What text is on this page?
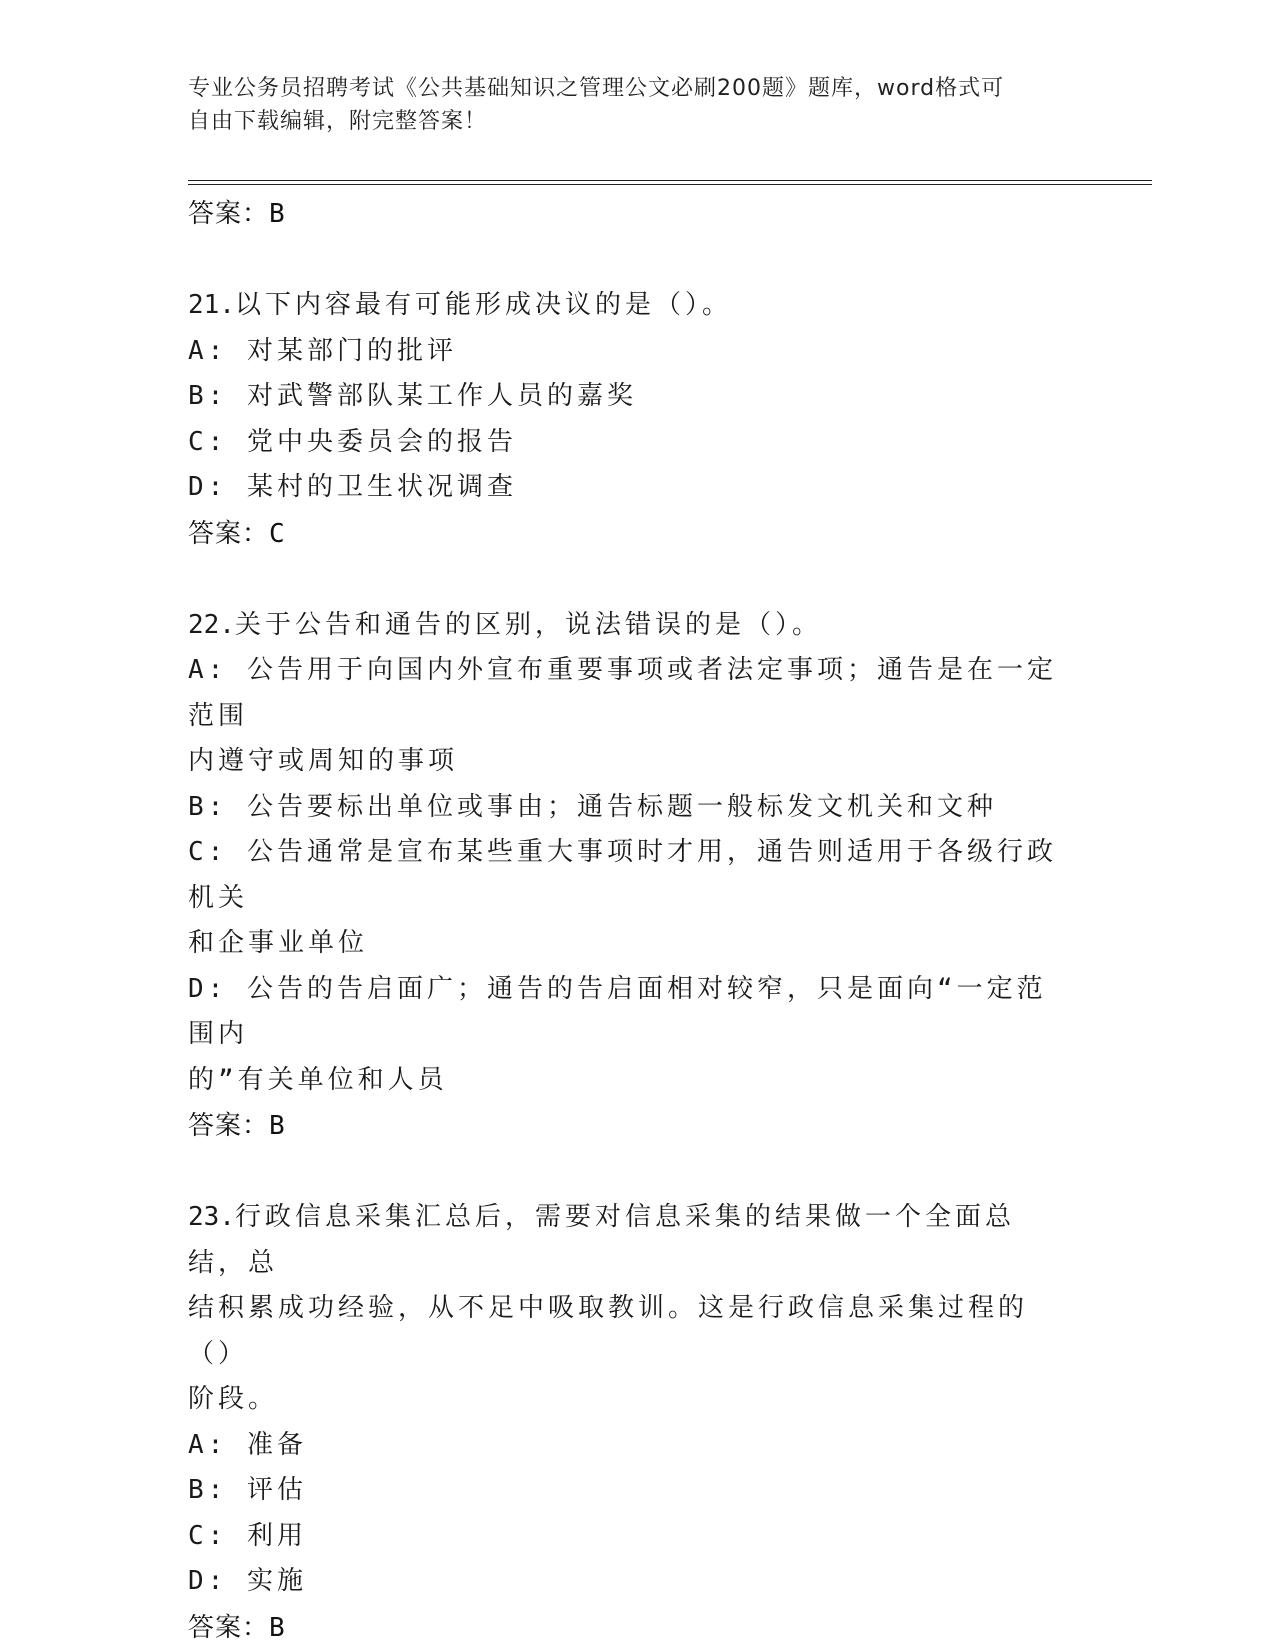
专业公务员招聘考试《公共基础知识之管理公文必刷200题》题库，word格式可
自由下载编辑，附完整答案！
答案：B
21.以下内容最有可能形成决议的是（）。
A: 对某部门的批评
B: 对武警部队某工作人员的嘉奖
C: 党中央委员会的报告
D: 某村的卫生状况调查
答案：C
22.关于公告和通告的区别，说法错误的是（）。
A: 公告用于向国内外宣布重要事项或者法定事项；通告是在一定范围
内遵守或周知的事项
B: 公告要标出单位或事由；通告标题一般标发文机关和文种
C: 公告通常是宣布某些重大事项时才用，通告则适用于各级行政机关
和企事业单位
D: 公告的告启面广；通告的告启面相对较窄，只是面向“一定范围内
的”有关单位和人员
答案：B
23.行政信息采集汇总后，需要对信息采集的结果做一个全面总结，总
结积累成功经验，从不足中吸取教训。这是行政信息采集过程的（）
阶段。
A: 准备
B: 评估
C: 利用
D: 实施
答案：B
